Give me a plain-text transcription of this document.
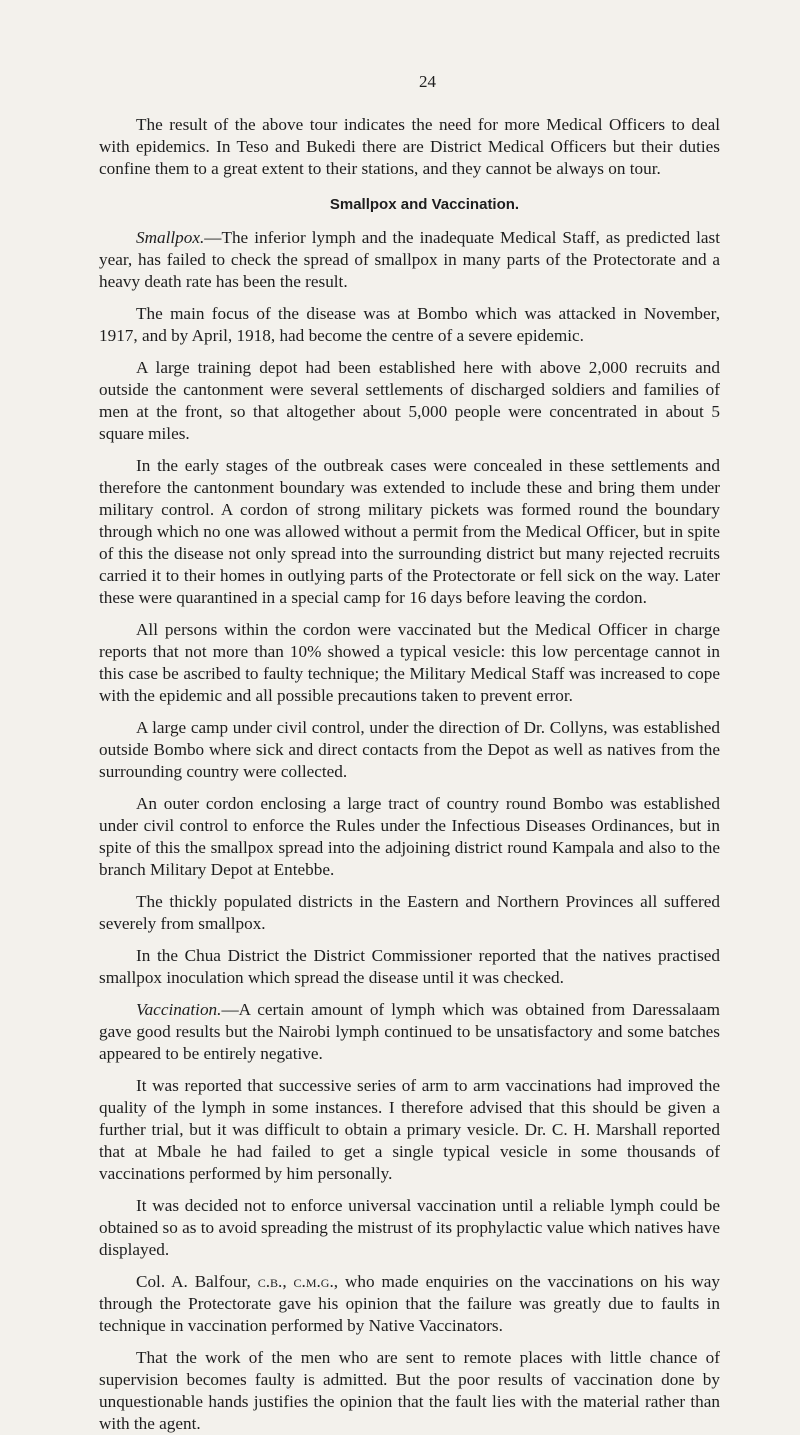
24

The result of the above tour indicates the need for more Medical Officers to deal with epidemics. In Teso and Bukedi there are District Medical Officers but their duties confine them to a great extent to their stations, and they cannot be always on tour.

Smallpox and Vaccination.

Smallpox.—The inferior lymph and the inadequate Medical Staff, as predicted last year, has failed to check the spread of smallpox in many parts of the Protectorate and a heavy death rate has been the result.

The main focus of the disease was at Bombo which was attacked in November, 1917, and by April, 1918, had become the centre of a severe epidemic.

A large training depot had been established here with above 2,000 recruits and outside the cantonment were several settlements of discharged soldiers and families of men at the front, so that altogether about 5,000 people were concentrated in about 5 square miles.

In the early stages of the outbreak cases were concealed in these settlements and therefore the cantonment boundary was extended to include these and bring them under military control. A cordon of strong military pickets was formed round the boundary through which no one was allowed without a permit from the Medical Officer, but in spite of this the disease not only spread into the surrounding district but many rejected recruits carried it to their homes in outlying parts of the Protectorate or fell sick on the way. Later these were quarantined in a special camp for 16 days before leaving the cordon.

All persons within the cordon were vaccinated but the Medical Officer in charge reports that not more than 10% showed a typical vesicle: this low percentage cannot in this case be ascribed to faulty technique; the Military Medical Staff was increased to cope with the epidemic and all possible precautions taken to prevent error.

A large camp under civil control, under the direction of Dr. Collyns, was established outside Bombo where sick and direct contacts from the Depot as well as natives from the surrounding country were collected.

An outer cordon enclosing a large tract of country round Bombo was established under civil control to enforce the Rules under the Infectious Diseases Ordinances, but in spite of this the smallpox spread into the adjoining district round Kampala and also to the branch Military Depot at Entebbe.

The thickly populated districts in the Eastern and Northern Provinces all suffered severely from smallpox.

In the Chua District the District Commissioner reported that the natives practised smallpox inoculation which spread the disease until it was checked.

Vaccination.—A certain amount of lymph which was obtained from Daressalaam gave good results but the Nairobi lymph continued to be unsatisfactory and some batches appeared to be entirely negative.

It was reported that successive series of arm to arm vaccinations had improved the quality of the lymph in some instances. I therefore advised that this should be given a further trial, but it was difficult to obtain a primary vesicle. Dr. C. H. Marshall reported that at Mbale he had failed to get a single typical vesicle in some thousands of vaccinations performed by him personally.

It was decided not to enforce universal vaccination until a reliable lymph could be obtained so as to avoid spreading the mistrust of its prophylactic value which natives have displayed.

Col. A. Balfour, c.b., c.m.g., who made enquiries on the vaccinations on his way through the Protectorate gave his opinion that the failure was greatly due to faults in technique in vaccination performed by Native Vaccinators.

That the work of the men who are sent to remote places with little chance of supervision becomes faulty is admitted. But the poor results of vaccination done by unquestionable hands justifies the opinion that the fault lies with the material rather than with the agent.
